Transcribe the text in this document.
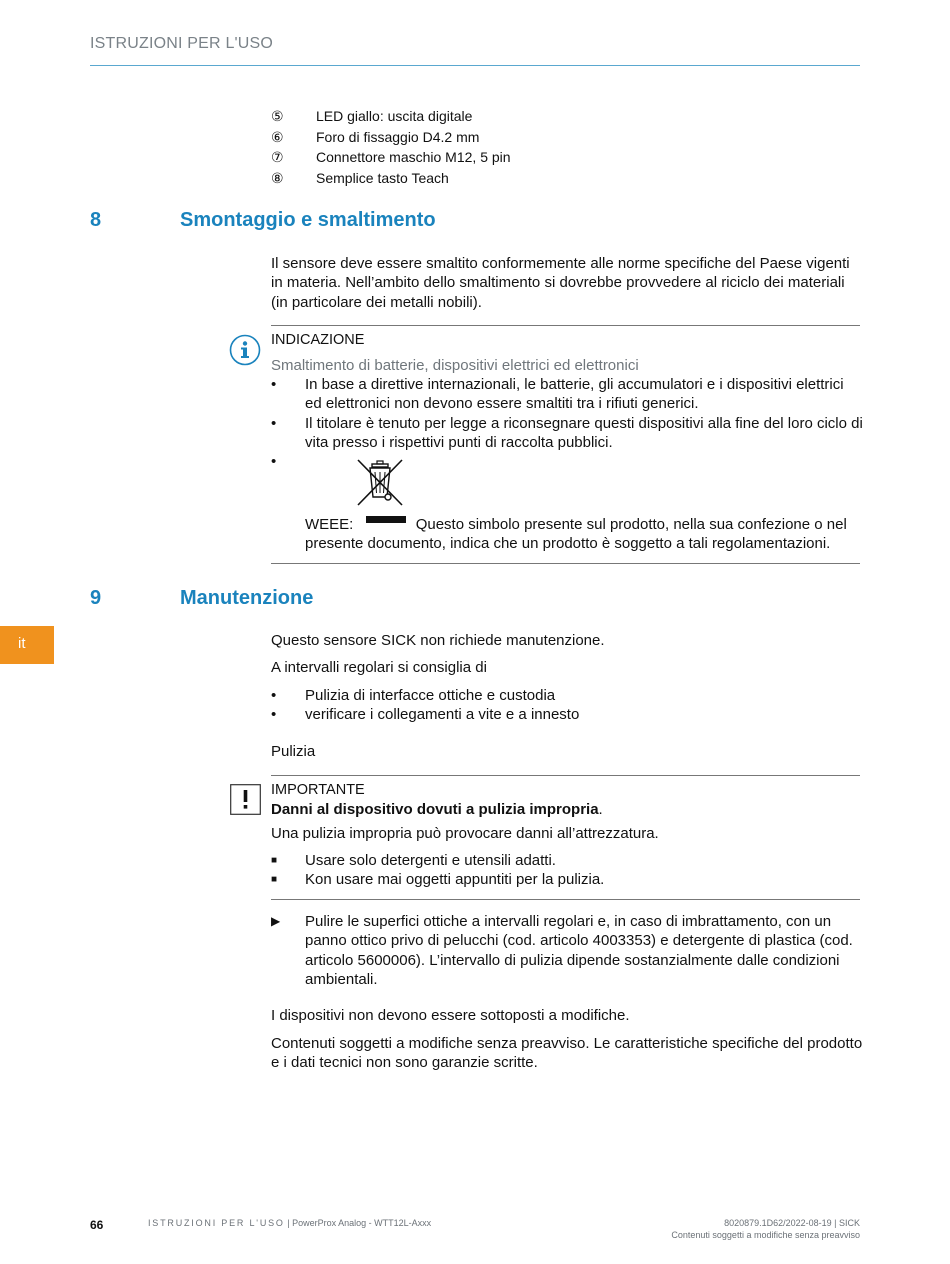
ISTRUZIONI PER L'USO
⑤	LED giallo: uscita digitale
⑥	Foro di fissaggio D4.2 mm
⑦	Connettore maschio M12, 5 pin
⑧	Semplice tasto Teach
8	Smontaggio e smaltimento
Il sensore deve essere smaltito conformemente alle norme specifiche del Paese vigenti in materia. Nell’ambito dello smaltimento si dovrebbe provvedere al riciclo dei materiali (in particolare dei metalli nobili).
INDICAZIONE
Smaltimento di batterie, dispositivi elettrici ed elettronici
•	In base a direttive internazionali, le batterie, gli accumulatori e i dispositivi elettrici ed elettronici non devono essere smaltiti tra i rifiuti generici.
•	Il titolare è tenuto per legge a riconsegnare questi dispositivi alla fine del loro ciclo di vita presso i rispettivi punti di raccolta pubblici.
•
WEEE:	Questo simbolo presente sul prodotto, nella sua confezione o nel presente documento, indica che un prodotto è soggetto a tali regolamentazioni.
9	Manutenzione
it	Questo sensore SICK non richiede manutenzione.
A intervalli regolari si consiglia di
•	Pulizia di interfacce ottiche e custodia
•	verificare i collegamenti a vite e a innesto
Pulizia
IMPORTANTE
Danni al dispositivo dovuti a pulizia impropria.
Una pulizia impropria può provocare danni all’attrezzatura.
■	Usare solo detergenti e utensili adatti.
■	Kon usare mai oggetti appuntiti per la pulizia.
▶	Pulire le superfici ottiche a intervalli regolari e, in caso di imbrattamento, con un panno ottico privo di pelucchi (cod. articolo 4003353) e detergente di plastica (cod. articolo 5600006). L’intervallo di pulizia dipende sostanzialmente dalle condizioni ambientali.
I dispositivi non devono essere sottoposti a modifiche.
Contenuti soggetti a modifiche senza preavviso. Le caratteristiche specifiche del prodotto e i dati tecnici non sono garanzie scritte.
66	ISTRUZIONI PER L'USO | PowerProx Analog - WTT12L-Axxx	8020879.1D62/2022-08-19 | SICK
Contenuti soggetti a modifiche senza preavviso
